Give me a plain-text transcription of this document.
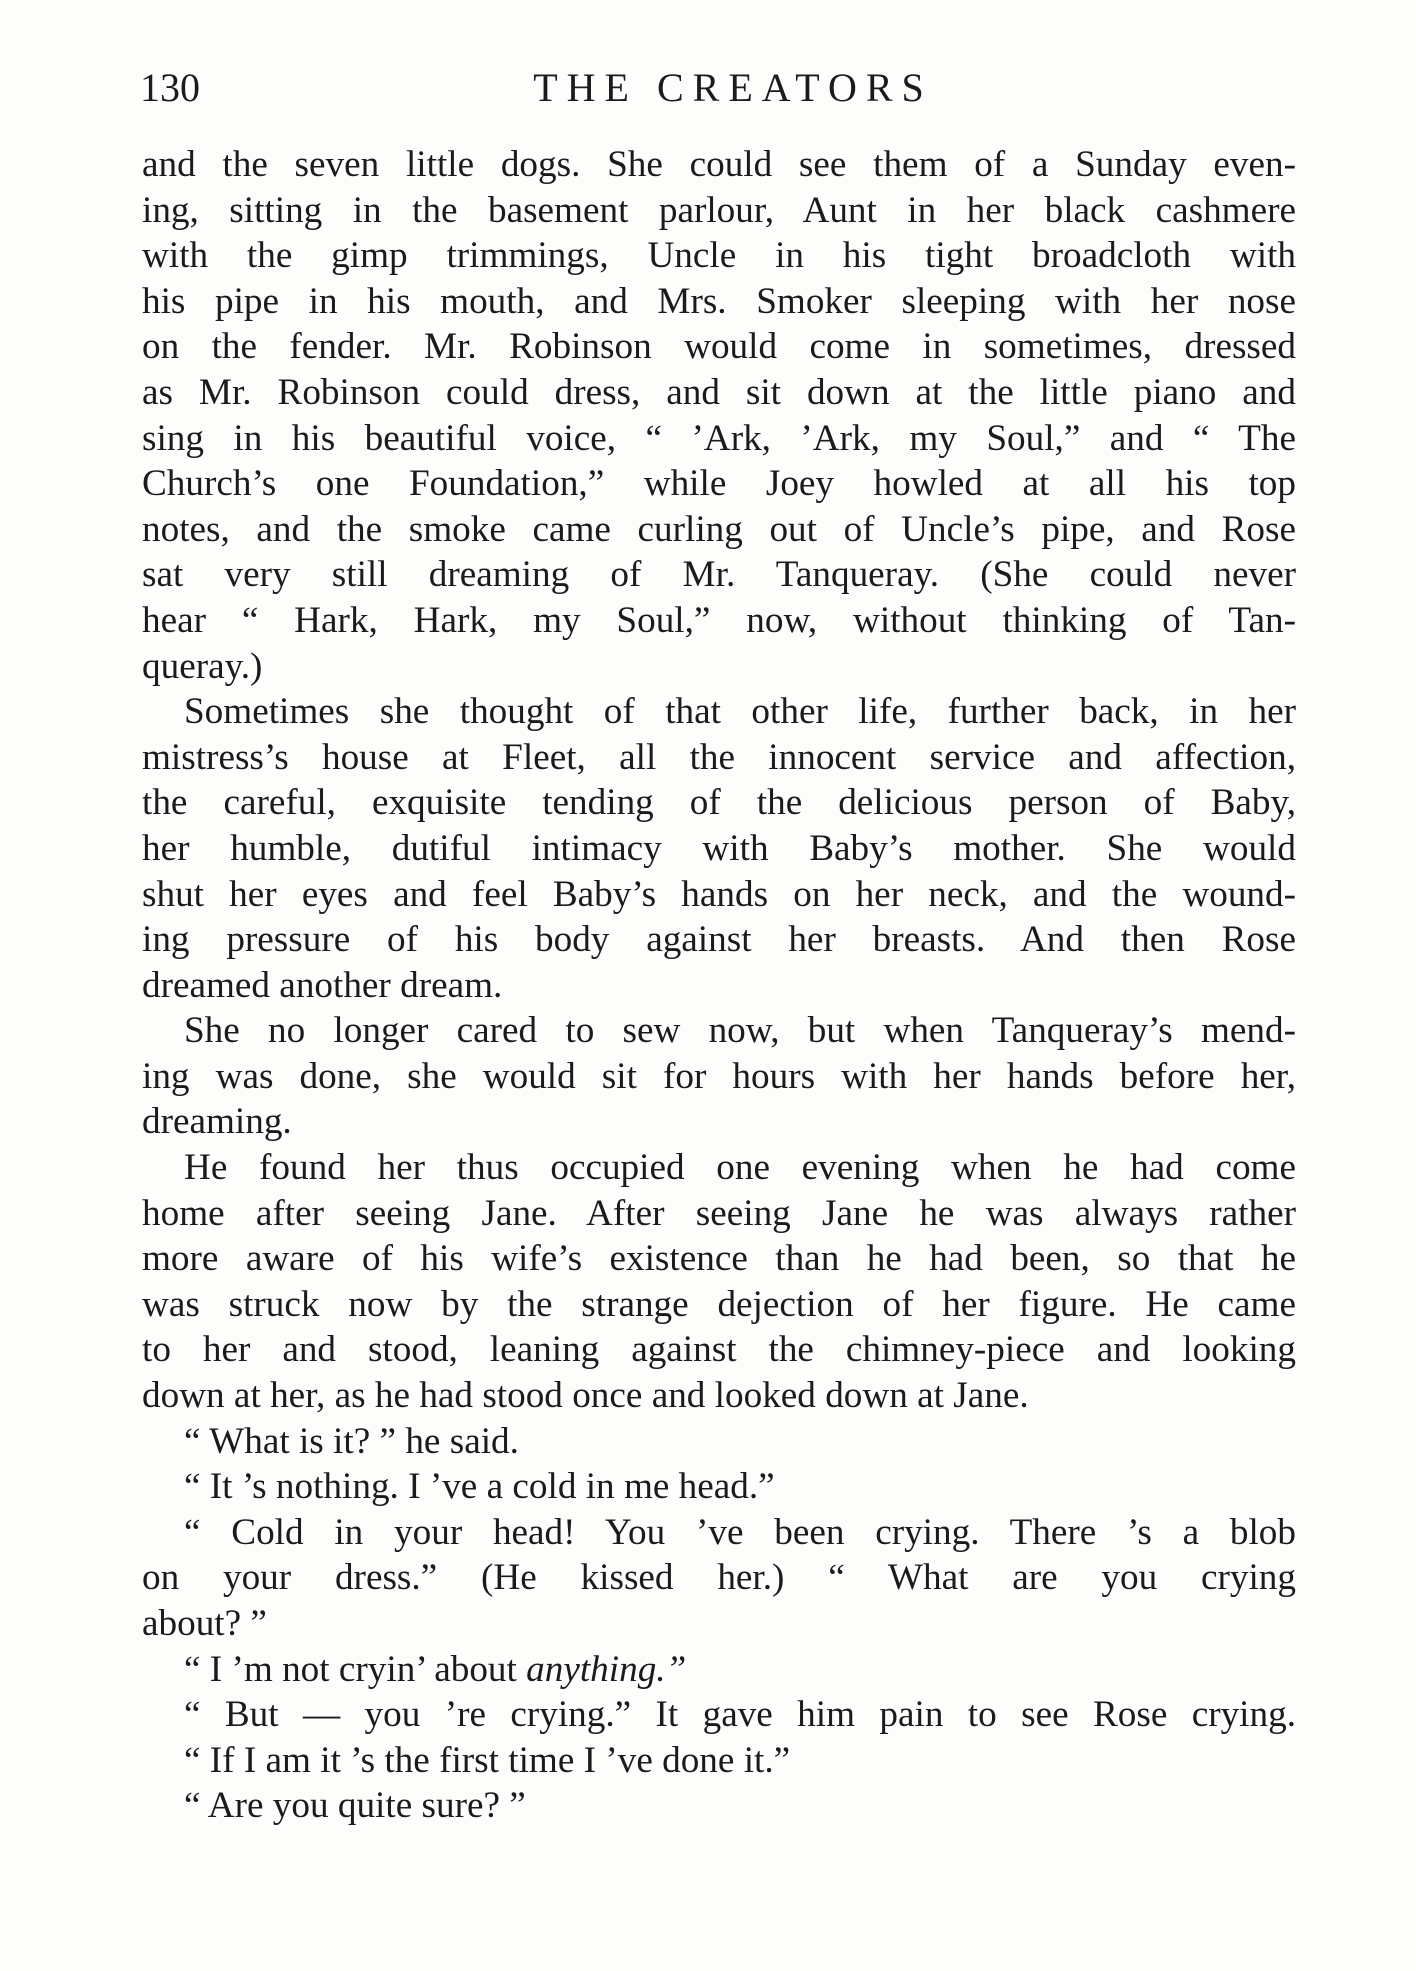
130	THE CREATORS
and the seven little dogs. She could see them of a Sunday even-
ing, sitting in the basement parlour, Aunt in her black cashmere
with the gimp trimmings, Uncle in his tight broadcloth with
his pipe in his mouth, and Mrs. Smoker sleeping with her nose
on the fender. Mr. Robinson would come in sometimes, dressed
as Mr. Robinson could dress, and sit down at the little piano and
sing in his beautiful voice, “ ’Ark, ’Ark, my Soul,” and “ The
Church’s one Foundation,” while Joey howled at all his top
notes, and the smoke came curling out of Uncle’s pipe, and Rose
sat very still dreaming of Mr. Tanqueray. (She could never
hear “ Hark, Hark, my Soul,” now, without thinking of Tan-
queray.)
Sometimes she thought of that other life, further back, in her
mistress’s house at Fleet, all the innocent service and affection,
the careful, exquisite tending of the delicious person of Baby,
her humble, dutiful intimacy with Baby’s mother. She would
shut her eyes and feel Baby’s hands on her neck, and the wound-
ing pressure of his body against her breasts. And then Rose
dreamed another dream.
She no longer cared to sew now, but when Tanqueray’s mend-
ing was done, she would sit for hours with her hands before her,
dreaming.
He found her thus occupied one evening when he had come
home after seeing Jane. After seeing Jane he was always rather
more aware of his wife’s existence than he had been, so that he
was struck now by the strange dejection of her figure. He came
to her and stood, leaning against the chimney-piece and looking
down at her, as he had stood once and looked down at Jane.
“ What is it? ” he said.
“ It ’s nothing. I ’ve a cold in me head.”
“ Cold in your head! You ’ve been crying. There ’s a blob
on your dress.” (He kissed her.) “ What are you crying
about? ”
“ I ’m not cryin’ about anything.”
“ But — you ’re crying.” It gave him pain to see Rose crying.
“ If I am it ’s the first time I ’ve done it.”
“ Are you quite sure? ”
